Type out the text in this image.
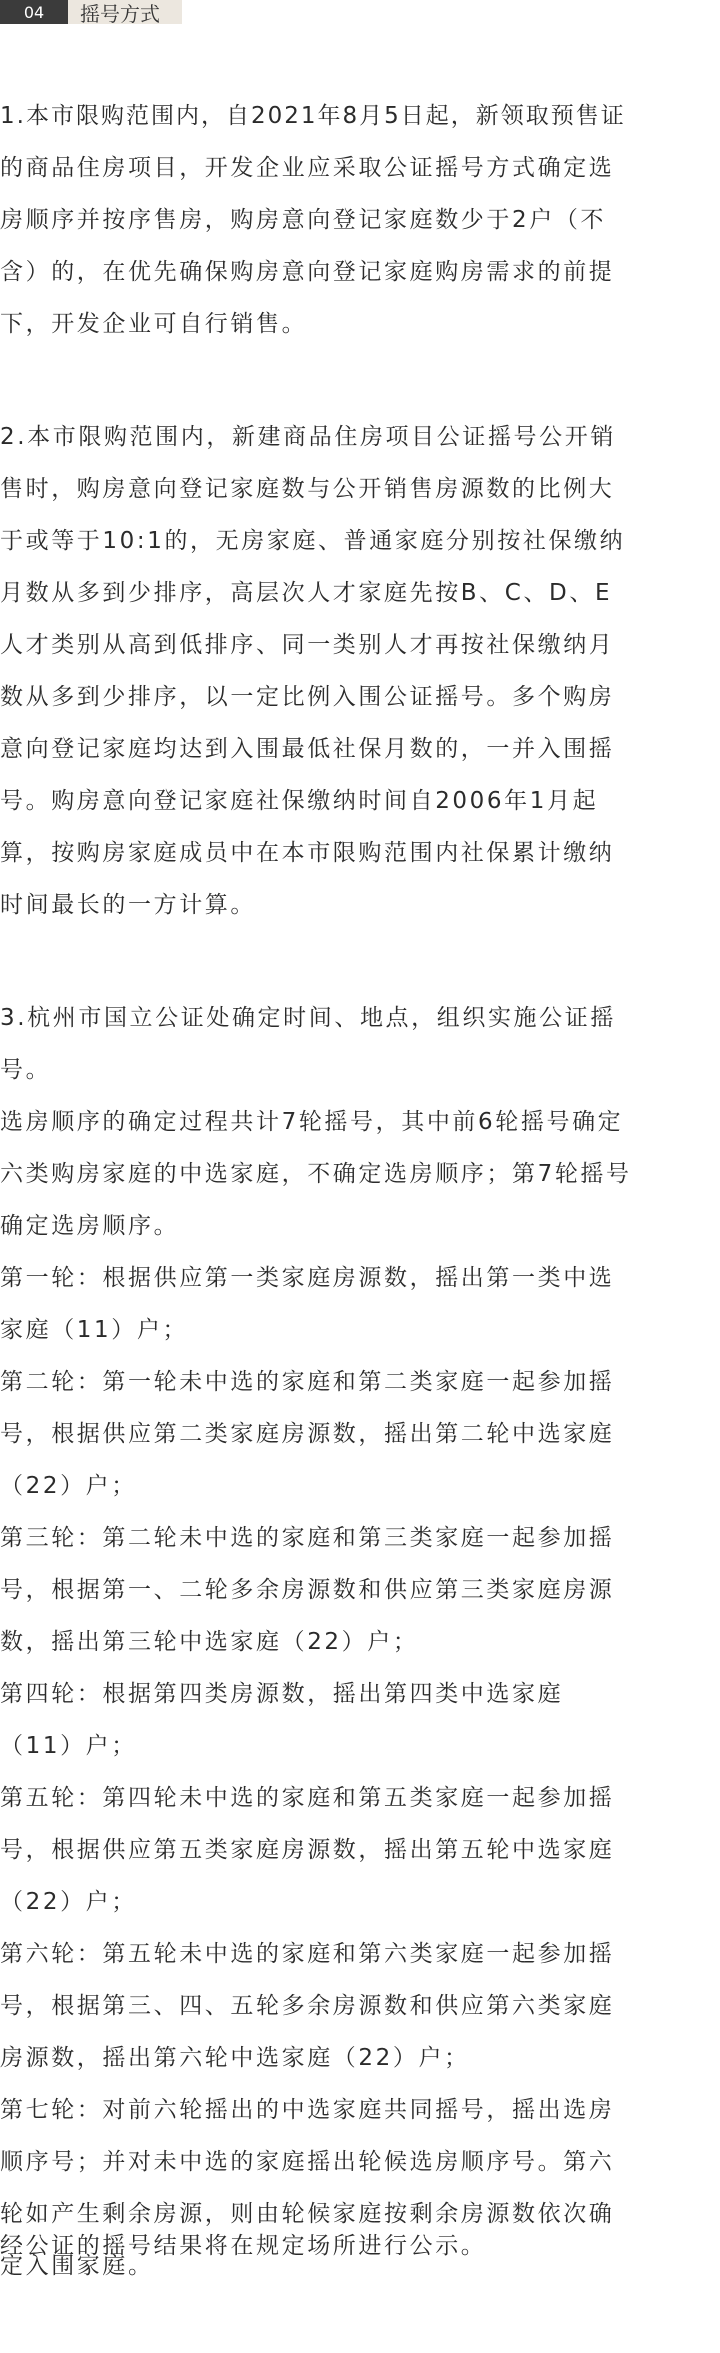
04	摇号方式
1.本市限购范围内，自2021年8月5日起，新领取预售证
的商品住房项目，开发企业应采取公证摇号方式确定选
房顺序并按序售房，购房意向登记家庭数少于2户（不
含）的，在优先确保购房意向登记家庭购房需求的前提
下，开发企业可自行销售。
2.本市限购范围内，新建商品住房项目公证摇号公开销
售时，购房意向登记家庭数与公开销售房源数的比例大
于或等于10:1的，无房家庭、普通家庭分别按社保缴纳
月数从多到少排序，高层次人才家庭先按B、C、D、E
人才类别从高到低排序、同一类别人才再按社保缴纳月
数从多到少排序，以一定比例入围公证摇号。多个购房
意向登记家庭均达到入围最低社保月数的，一并入围摇
号。购房意向登记家庭社保缴纳时间自2006年1月起
算，按购房家庭成员中在本市限购范围内社保累计缴纳
时间最长的一方计算。
3.杭州市国立公证处确定时间、地点，组织实施公证摇
号。
选房顺序的确定过程共计7轮摇号，其中前6轮摇号确定
六类购房家庭的中选家庭，不确定选房顺序；第7轮摇号
确定选房顺序。
第一轮：根据供应第一类家庭房源数，摇出第一类中选
家庭（11）户；
第二轮：第一轮未中选的家庭和第二类家庭一起参加摇
号，根据供应第二类家庭房源数，摇出第二轮中选家庭
（22）户；
第三轮：第二轮未中选的家庭和第三类家庭一起参加摇
号，根据第一、二轮多余房源数和供应第三类家庭房源
数，摇出第三轮中选家庭（22）户；
第四轮：根据第四类房源数，摇出第四类中选家庭
（11）户；
第五轮：第四轮未中选的家庭和第五类家庭一起参加摇
号，根据供应第五类家庭房源数，摇出第五轮中选家庭
（22）户；
第六轮：第五轮未中选的家庭和第六类家庭一起参加摇
号，根据第三、四、五轮多余房源数和供应第六类家庭
房源数，摇出第六轮中选家庭（22）户；
第七轮：对前六轮摇出的中选家庭共同摇号，摇出选房
顺序号；并对未中选的家庭摇出轮候选房顺序号。第六
轮如产生剩余房源，则由轮候家庭按剩余房源数依次确
定入围家庭。
经公证的摇号结果将在规定场所进行公示。
